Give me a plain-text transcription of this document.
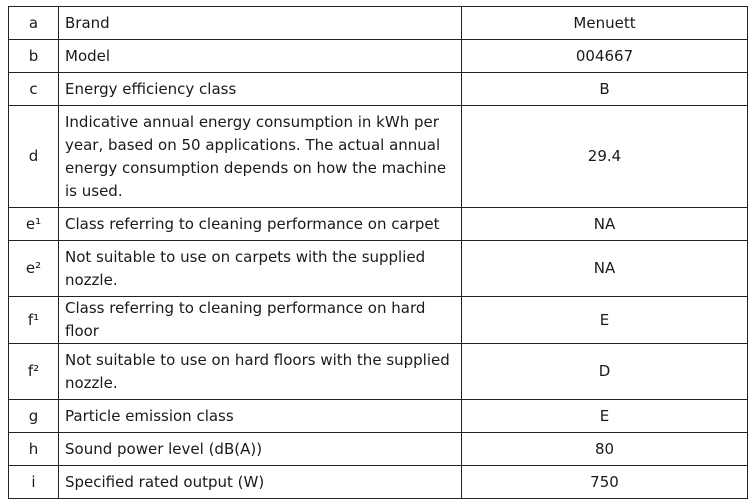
a	Brand	Menuett
b	Model	004667
c	Energy efficiency class	B
d	Indicative annual energy consumption in kWh per year, based on 50 applications. The actual annual energy consumption depends on how the machine is used.	29.4
e¹	Class referring to cleaning performance on carpet	NA
e²	Not suitable to use on carpets with the supplied nozzle.	NA
f¹	Class referring to cleaning performance on hard floor	E
f²	Not suitable to use on hard floors with the supplied nozzle.	D
g	Particle emission class	E
h	Sound power level (dB(A))	80
i	Specified rated output (W)	750
